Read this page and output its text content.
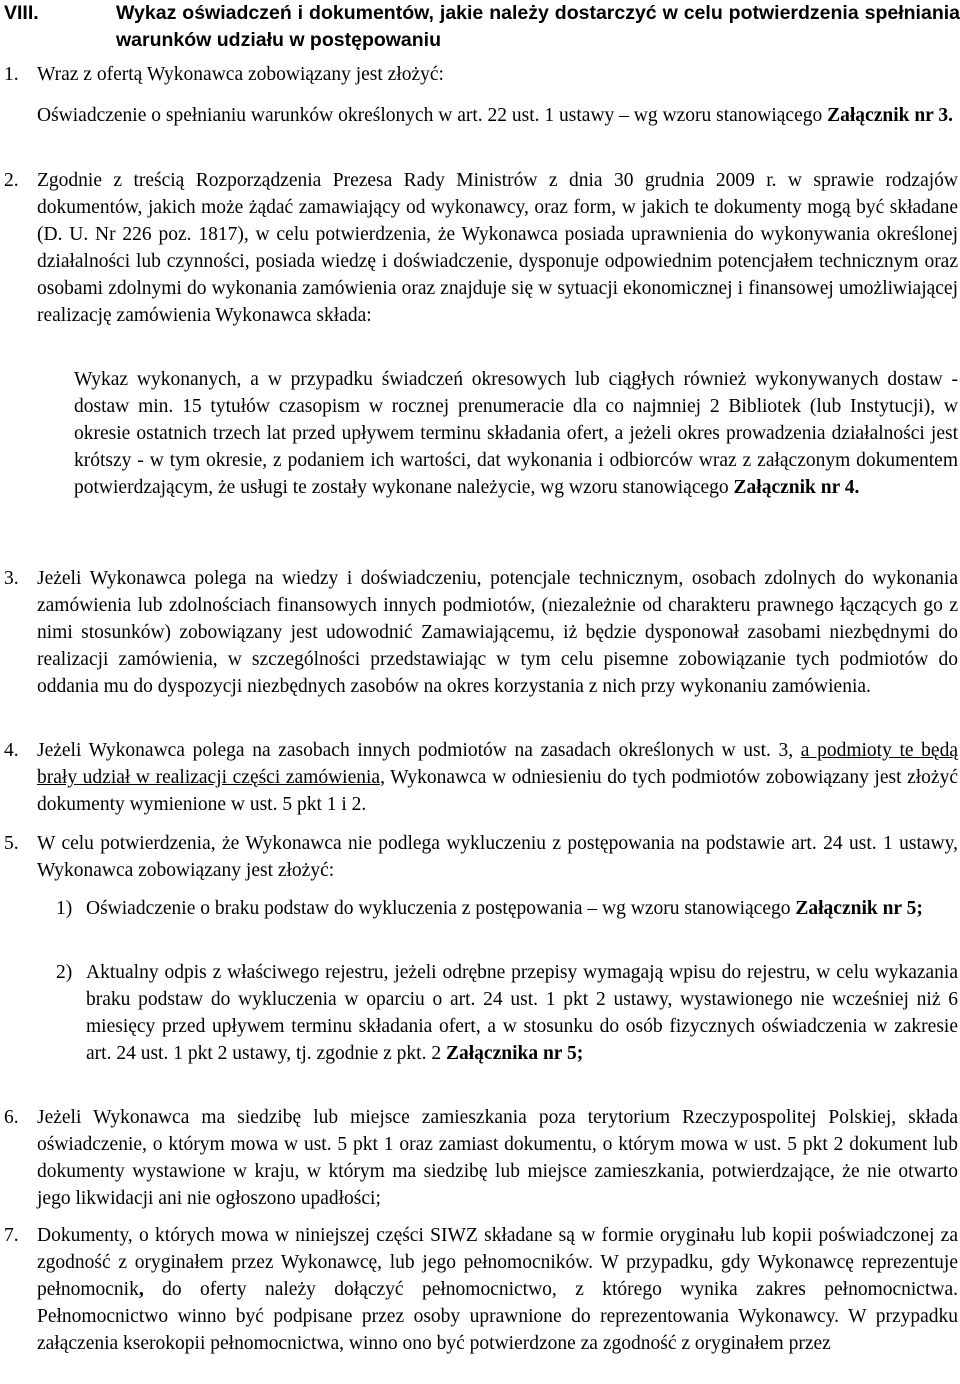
VIII.	Wykaz oświadczeń i dokumentów, jakie należy dostarczyć w celu potwierdzenia spełniania warunków udziału w postępowaniu
1. Wraz z ofertą Wykonawca zobowiązany jest złożyć:

Oświadczenie o spełnianiu warunków określonych w art. 22 ust. 1 ustawy – wg wzoru stanowiącego Załącznik nr 3.

2. Zgodnie z treścią Rozporządzenia Prezesa Rady Ministrów z dnia 30 grudnia 2009 r. w sprawie rodzajów dokumentów, jakich może żądać zamawiający od wykonawcy, oraz form, w jakich te dokumenty mogą być składane (D. U. Nr 226 poz. 1817), w celu potwierdzenia, że Wykonawca posiada uprawnienia do wykonywania określonej działalności lub czynności, posiada wiedzę i doświadczenie, dysponuje odpowiednim potencjałem technicznym oraz osobami zdolnymi do wykonania zamówienia oraz znajduje się w sytuacji ekonomicznej i finansowej umożliwiającej realizację zamówienia Wykonawca składa:

Wykaz wykonanych, a w przypadku świadczeń okresowych lub ciągłych również wykonywanych dostaw - dostaw min. 15 tytułów czasopism w rocznej prenumeracie dla co najmniej 2 Bibliotek (lub Instytucji), w okresie ostatnich trzech lat przed upływem terminu składania ofert, a jeżeli okres prowadzenia działalności jest krótszy - w tym okresie, z podaniem ich wartości, dat wykonania i odbiorców wraz z załączonym dokumentem potwierdzającym, że usługi te zostały wykonane należycie, wg wzoru stanowiącego Załącznik nr 4.

3. Jeżeli Wykonawca polega na wiedzy i doświadczeniu, potencjale technicznym, osobach zdolnych do wykonania zamówienia lub zdolnościach finansowych innych podmiotów, (niezależnie od charakteru prawnego łączących go z nimi stosunków) zobowiązany jest udowodnić Zamawiającemu, iż będzie dysponował zasobami niezbędnymi do realizacji zamówienia, w szczególności przedstawiając w tym celu pisemne zobowiązanie tych podmiotów do oddania mu do dyspozycji niezbędnych zasobów na okres korzystania z nich przy wykonaniu zamówienia.
4. Jeżeli Wykonawca polega na zasobach innych podmiotów na zasadach określonych w ust. 3, a podmioty te będą brały udział w realizacji części zamówienia, Wykonawca w odniesieniu do tych podmiotów zobowiązany jest złożyć dokumenty wymienione w ust. 5 pkt 1 i 2.
5. W celu potwierdzenia, że Wykonawca nie podlega wykluczeniu z postępowania na podstawie art. 24 ust. 1 ustawy, Wykonawca zobowiązany jest złożyć:
1) Oświadczenie o braku podstaw do wykluczenia z postępowania – wg wzoru stanowiącego Załącznik nr 5;
2) Aktualny odpis z właściwego rejestru, jeżeli odrębne przepisy wymagają wpisu do rejestru, w celu wykazania braku podstaw do wykluczenia w oparciu o art. 24 ust. 1 pkt 2 ustawy, wystawionego nie wcześniej niż 6 miesięcy przed upływem terminu składania ofert, a w stosunku do osób fizycznych oświadczenia w zakresie art. 24 ust. 1 pkt 2 ustawy, tj. zgodnie z pkt. 2 Załącznika nr 5;
6. Jeżeli Wykonawca ma siedzibę lub miejsce zamieszkania poza terytorium Rzeczypospolitej Polskiej, składa oświadczenie, o którym mowa w ust. 5 pkt 1 oraz zamiast dokumentu, o którym mowa w ust. 5 pkt 2 dokument lub dokumenty wystawione w kraju, w którym ma siedzibę lub miejsce zamieszkania, potwierdzające, że nie otwarto jego likwidacji ani nie ogłoszono upadłości;
7. Dokumenty, o których mowa w niniejszej części SIWZ składane są w formie oryginału lub kopii poświadczonej za zgodność z oryginałem przez Wykonawcę, lub jego pełnomocników. W przypadku, gdy Wykonawcę reprezentuje pełnomocnik, do oferty należy dołączyć pełnomocnictwo, z którego wynika zakres pełnomocnictwa. Pełnomocnictwo winno być podpisane przez osoby uprawnione do reprezentowania Wykonawcy. W przypadku załączenia kserokopii pełnomocnictwa, winno ono być potwierdzone za zgodność z oryginałem przez
